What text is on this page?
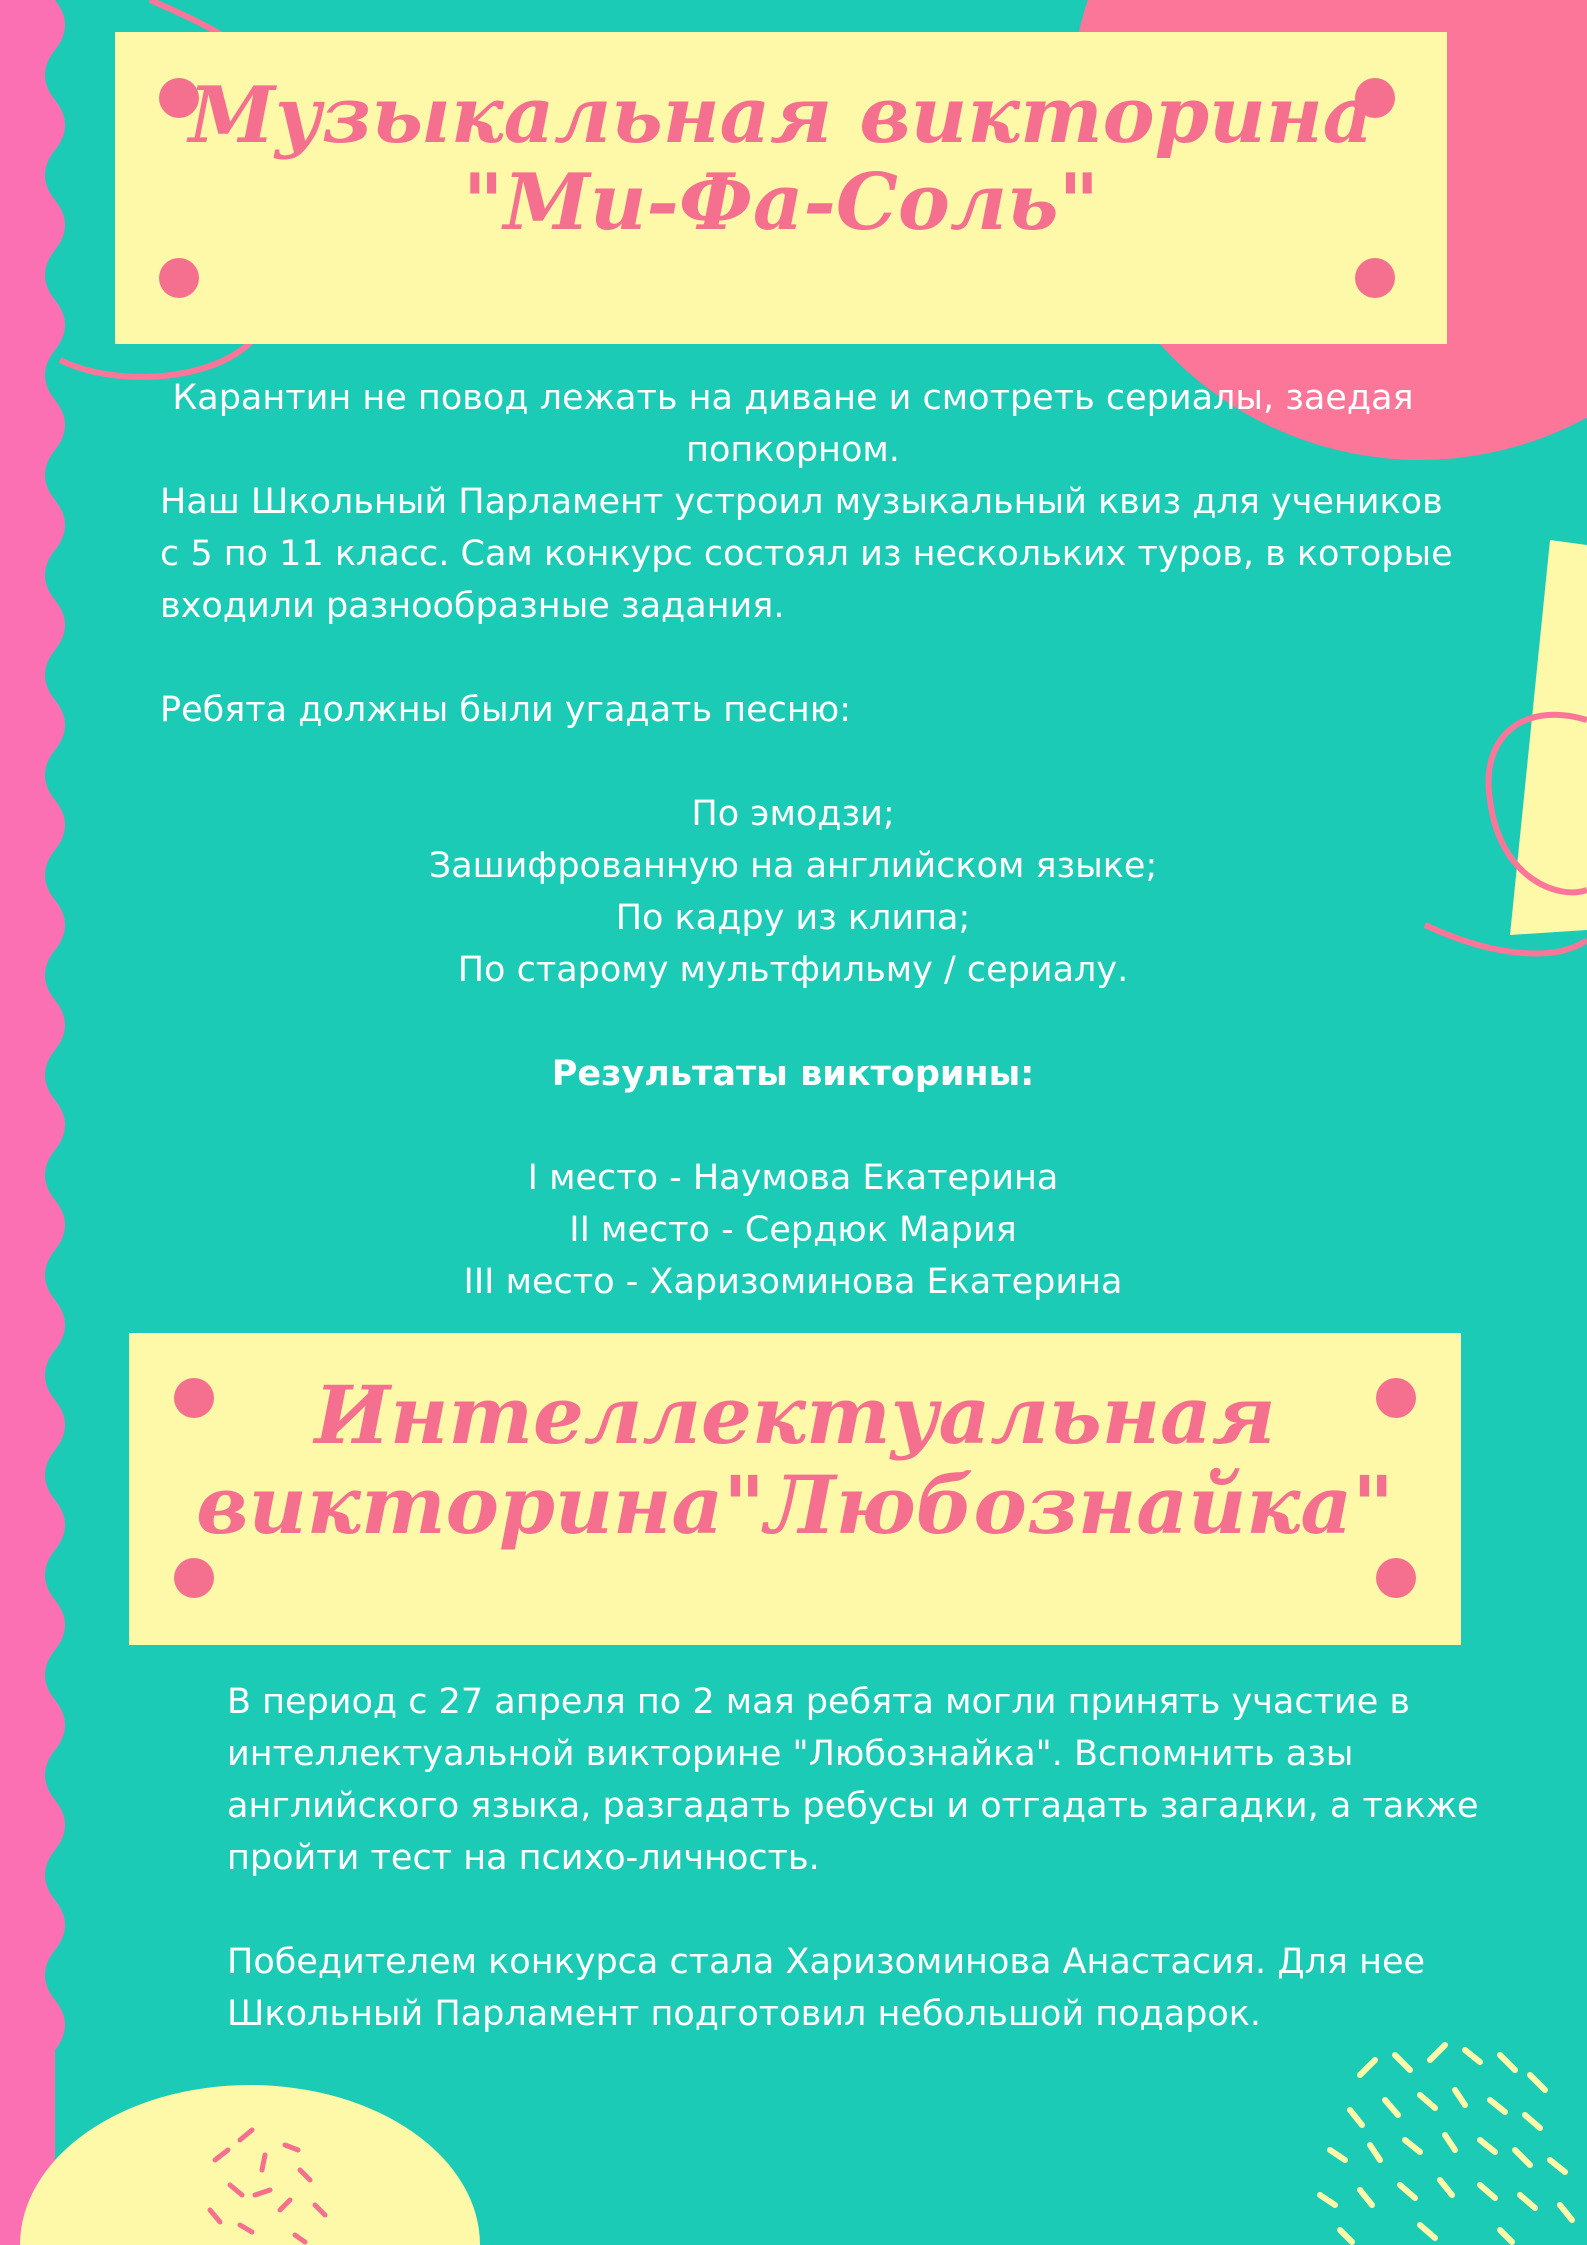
Музыкальная викторина
"Ми-Фа-Соль"
Карантин не повод лежать на диване и смотреть сериалы, заедая
попкорном.
Наш Школьный Парламент устроил музыкальный квиз для учеников
с 5 по 11 класс. Сам конкурс состоял из нескольких туров, в которые
входили разнообразные задания.
Ребята должны были угадать песню:
По эмодзи;
Зашифрованную на английском языке;
По кадру из клипа;
По старому мультфильму / сериалу.
Результаты викторины:
I место - Наумова Екатерина
II место - Сердюк Мария
III место - Харизоминова Екатерина
Интеллектуальная
викторина"Любознайка"
В период с 27 апреля по 2 мая ребята могли принять участие в
интеллектуальной викторине "Любознайка". Вспомнить азы
английского языка, разгадать ребусы и отгадать загадки, а также
пройти тест на психо-личность.
Победителем конкурса стала Харизоминова Анастасия. Для нее
Школьный Парламент подготовил небольшой подарок.
